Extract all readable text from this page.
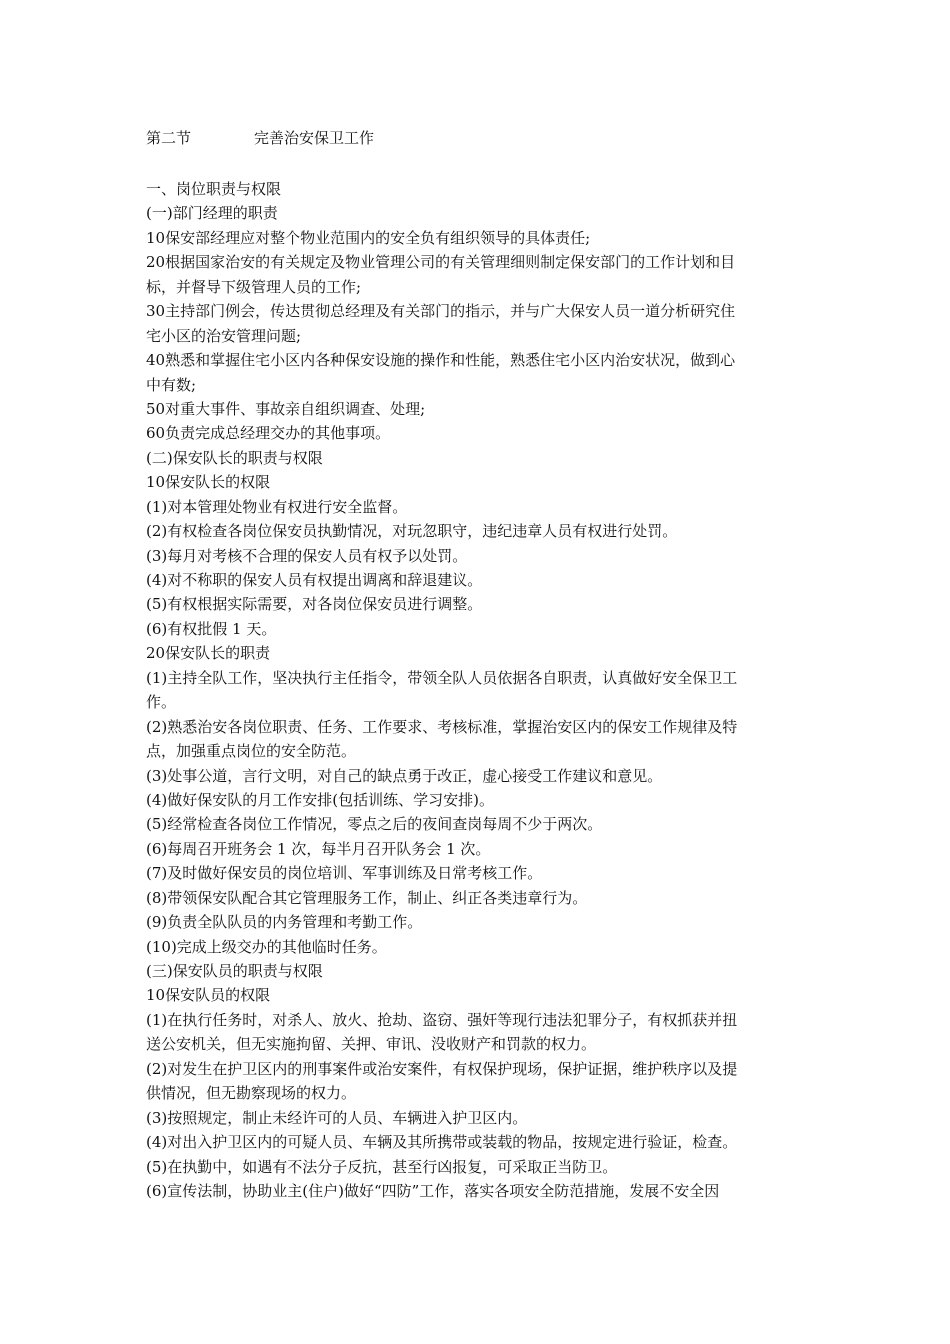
第二节	完善治安保卫工作
一、岗位职责与权限
(一)部门经理的职责
10保安部经理应对整个物业范围内的安全负有组织领导的具体责任;
20根据国家治安的有关规定及物业管理公司的有关管理细则制定保安部门的工作计划和目
标，并督导下级管理人员的工作;
30主持部门例会，传达贯彻总经理及有关部门的指示，并与广大保安人员一道分析研究住
宅小区的治安管理问题;
40熟悉和掌握住宅小区内各种保安设施的操作和性能，熟悉住宅小区内治安状况，做到心
中有数;
50对重大事件、事故亲自组织调查、处理;
60负责完成总经理交办的其他事项。
(二)保安队长的职责与权限
10保安队长的权限
(1)对本管理处物业有权进行安全监督。
(2)有权检查各岗位保安员执勤情况，对玩忽职守，违纪违章人员有权进行处罚。
(3)每月对考核不合理的保安人员有权予以处罚。
(4)对不称职的保安人员有权提出调离和辞退建议。
(5)有权根据实际需要，对各岗位保安员进行调整。
(6)有权批假 1 天。
20保安队长的职责
(1)主持全队工作，坚决执行主任指令，带领全队人员依据各自职责，认真做好安全保卫工
作。
(2)熟悉治安各岗位职责、任务、工作要求、考核标准，掌握治安区内的保安工作规律及特
点，加强重点岗位的安全防范。
(3)处事公道，言行文明，对自己的缺点勇于改正，虚心接受工作建议和意见。
(4)做好保安队的月工作安排(包括训练、学习安排)。
(5)经常检查各岗位工作情况，零点之后的夜间查岗每周不少于两次。
(6)每周召开班务会 1 次，每半月召开队务会 1 次。
(7)及时做好保安员的岗位培训、军事训练及日常考核工作。
(8)带领保安队配合其它管理服务工作，制止、纠正各类违章行为。
(9)负责全队队员的内务管理和考勤工作。
(10)完成上级交办的其他临时任务。
(三)保安队员的职责与权限
10保安队员的权限
(1)在执行任务时，对杀人、放火、抢劫、盗窃、强奸等现行违法犯罪分子，有权抓获并扭
送公安机关，但无实施拘留、关押、审讯、没收财产和罚款的权力。
(2)对发生在护卫区内的刑事案件或治安案件，有权保护现场，保护证据，维护秩序以及提
供情况，但无勘察现场的权力。
(3)按照规定，制止未经许可的人员、车辆进入护卫区内。
(4)对出入护卫区内的可疑人员、车辆及其所携带或装载的物品，按规定进行验证，检查。
(5)在执勤中，如遇有不法分子反抗，甚至行凶报复，可采取正当防卫。
(6)宣传法制，协助业主(住户)做好“四防”工作，落实各项安全防范措施，发展不安全因
